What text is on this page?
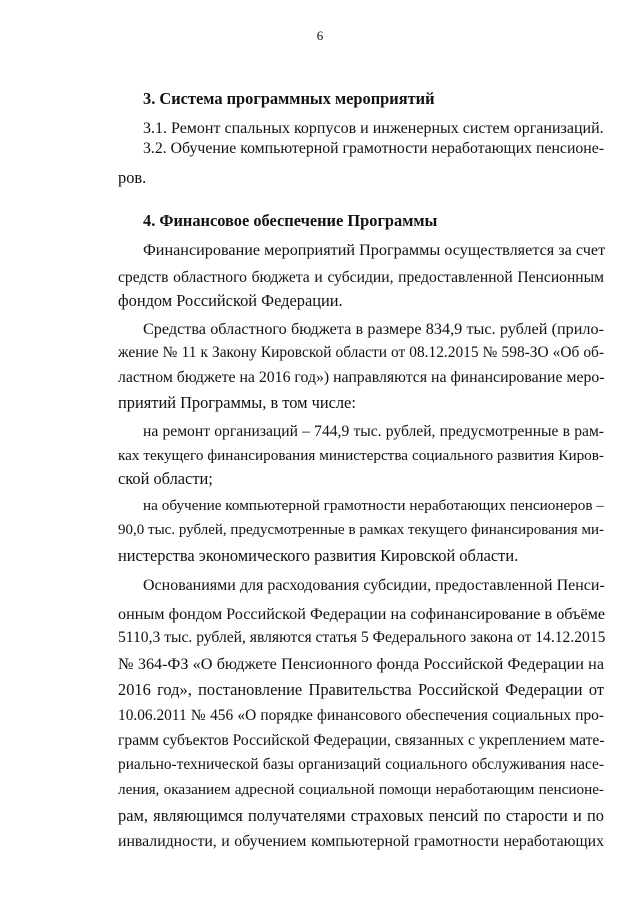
6
3. Система программных мероприятий
3.1. Ремонт спальных корпусов и инженерных систем организаций.
3.2. Обучение компьютерной грамотности неработающих пенсионе-
ров.
4. Финансовое обеспечение Программы
Финансирование мероприятий Программы осуществляется за счет
средств областного бюджета и субсидии, предоставленной Пенсионным
фондом Российской Федерации.
Средства областного бюджета в размере 834,9 тыс. рублей (прило-
жение № 11 к Закону Кировской области от 08.12.2015 № 598-ЗО «Об об-
ластном бюджете на 2016 год») направляются на финансирование меро-
приятий Программы, в том числе:
на ремонт организаций – 744,9 тыс. рублей, предусмотренные в рам-
ках текущего финансирования министерства социального развития Киров-
ской области;
на обучение компьютерной грамотности неработающих пенсионеров –
90,0 тыс. рублей, предусмотренные в рамках текущего финансирования ми-
нистерства экономического развития Кировской области.
Основаниями для расходования субсидии, предоставленной Пенси-
онным фондом Российской Федерации на софинансирование в объёме
5110,3 тыс. рублей, являются статья 5 Федерального закона от 14.12.2015
№ 364-ФЗ «О бюджете Пенсионного фонда Российской Федерации на
2016 год», постановление Правительства Российской Федерации от
10.06.2011 № 456 «О порядке финансового обеспечения социальных про-
грамм субъектов Российской Федерации, связанных с укреплением мате-
риально-технической базы организаций социального обслуживания насе-
ления, оказанием адресной социальной помощи неработающим пенсионе-
рам, являющимся получателями страховых пенсий по старости и по
инвалидности, и обучением компьютерной грамотности неработающих
